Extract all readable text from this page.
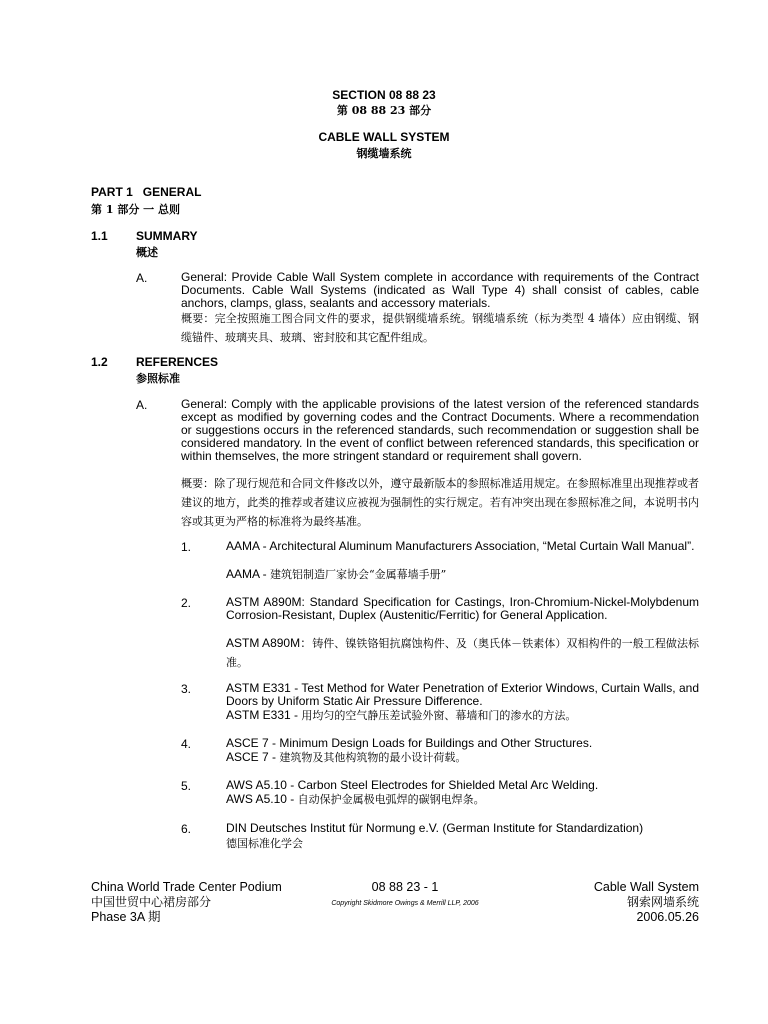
SECTION 08 88 23
第 08 88 23 部分
CABLE WALL SYSTEM
钢缆墙系统
PART 1   GENERAL
第 1 部分 一 总则
1.1 SUMMARY
概述
A.	General: Provide Cable Wall System complete in accordance with requirements of the Contract Documents. Cable Wall Systems (indicated as Wall Type 4) shall consist of cables, cable anchors, clamps, glass, sealants and accessory materials.
概要：完全按照施工图合同文件的要求，提供钢缆墙系统。钢缆墙系统（标为类型 4 墙体）应由钢缆、钢缆锚件、玻璃夹具、玻璃、密封胶和其它配件组成。
1.2 REFERENCES
参照标准
A.	General: Comply with the applicable provisions of the latest version of the referenced standards except as modified by governing codes and the Contract Documents. Where a recommendation or suggestions occurs in the referenced standards, such recommendation or suggestion shall be considered mandatory. In the event of conflict between referenced standards, this specification or within themselves, the more stringent standard or requirement shall govern.
概要：除了现行规范和合同文件修改以外，遵守最新版本的参照标准适用规定。在参照标准里出现推荐或者建议的地方，此类的推荐或者建议应被视为强制性的实行规定。若有冲突出现在参照标准之间，本说明书内容或其更为严格的标准将为最终基准。
1.	AAMA - Architectural Aluminum Manufacturers Association, “Metal Curtain Wall Manual”.
AAMA - 建筑铝制造厂家协会“金属幕墙手册”
2.	ASTM A890M: Standard Specification for Castings, Iron-Chromium-Nickel-Molybdenum Corrosion-Resistant, Duplex (Austenitic/Ferritic) for General Application.
ASTM A890M：铸件、镍铁铬钼抗腐蚀构件、及（奥氏体－铁素体）双相构件的一般工程做法标准。
3.	ASTM E331 - Test Method for Water Penetration of Exterior Windows, Curtain Walls, and Doors by Uniform Static Air Pressure Difference.
ASTM E331 - 用均匀的空气静压差试验外窗、幕墙和门的渗水的方法。
4.	ASCE 7 - Minimum Design Loads for Buildings and Other Structures.
ASCE 7 - 建筑物及其他构筑物的最小设计荷载。
5.	AWS A5.10 - Carbon Steel Electrodes for Shielded Metal Arc Welding.
AWS A5.10 - 自动保护金属极电弧焊的碳钢电焊条。
6.	DIN Deutsches Institut für Normung e.V. (German Institute for Standardization)
德国标准化学会
China World Trade Center Podium
中国世贸中心裙房部分
Phase 3A 期
08 88 23 - 1
Copyright Skidmore Owings & Merrill LLP, 2006
Cable Wall System
钢索网墙系统
2006.05.26
